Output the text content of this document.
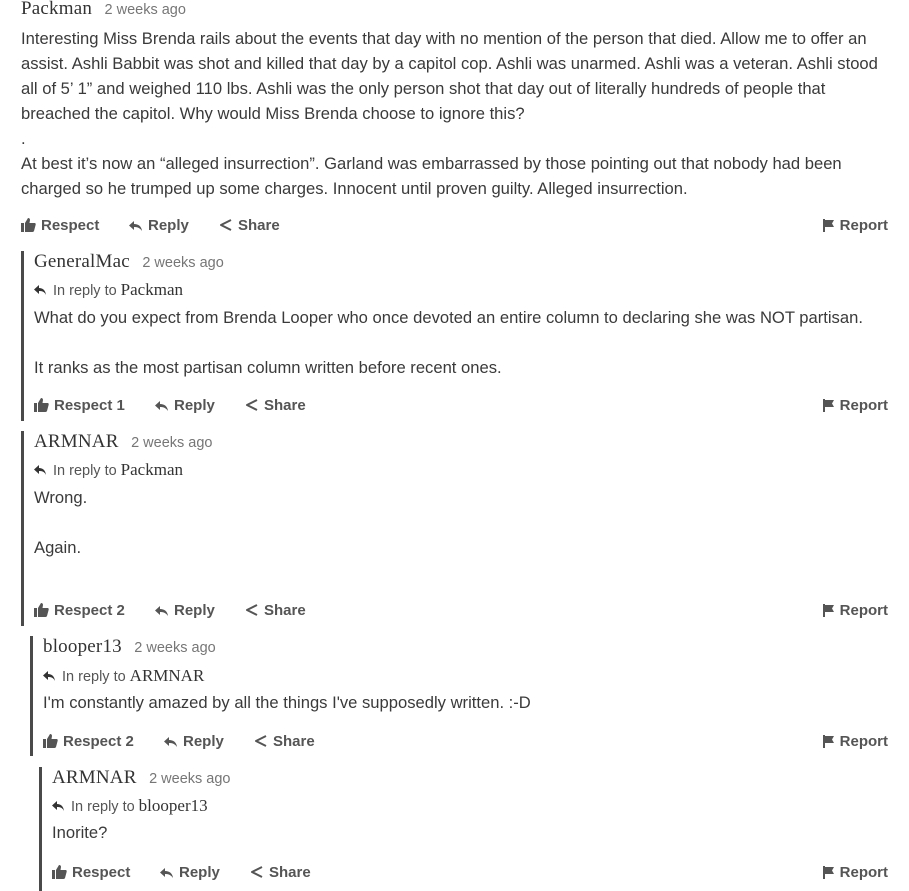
Packman 2 weeks ago

Interesting Miss Brenda rails about the events that day with no mention of the person that died. Allow me to offer an assist. Ashli Babbit was shot and killed that day by a capitol cop. Ashli was unarmed. Ashli was a veteran. Ashli stood all of 5’ 1” and weighed 110 lbs. Ashli was the only person shot that day out of literally hundreds of people that breached the capitol. Why would Miss Brenda choose to ignore this?

.

At best it’s now an “alleged insurrection”. Garland was embarrassed by those pointing out that nobody had been charged so he trumped up some charges. Innocent until proven guilty. Alleged insurrection.

Respect	Reply	Share	Report
GeneralMac 2 weeks ago
In reply to Packman

What do you expect from Brenda Looper who once devoted an entire column to declaring she was NOT partisan.

It ranks as the most partisan column written before recent ones.

Respect 1	Reply	Share	Report
ARMNAR 2 weeks ago
In reply to Packman

Wrong.

Again.

Respect 2	Reply	Share	Report
blooper13 2 weeks ago
In reply to ARMNAR

I'm constantly amazed by all the things I've supposedly written. :-D

Respect 2	Reply	Share	Report
ARMNAR 2 weeks ago
In reply to blooper13

Inorite?

Respect	Reply	Share	Report
